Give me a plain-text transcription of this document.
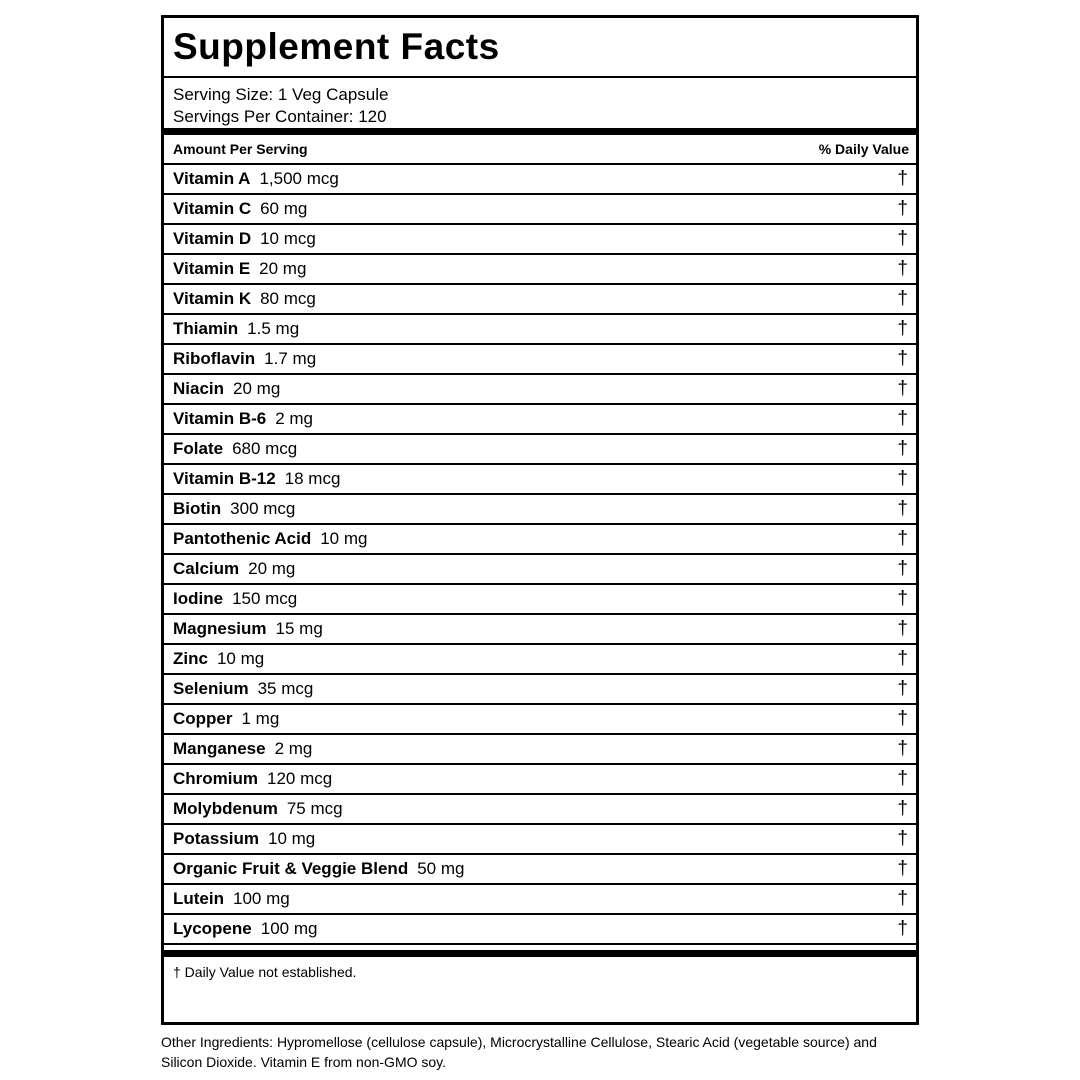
Supplement Facts
Serving Size: 1 Veg Capsule
Servings Per Container: 120
Amount Per Serving	% Daily Value
Vitamin A 1,500 mcg	†
Vitamin C 60 mg	†
Vitamin D 10 mcg	†
Vitamin E 20 mg	†
Vitamin K 80 mcg	†
Thiamin 1.5 mg	†
Riboflavin 1.7 mg	†
Niacin 20 mg	†
Vitamin B-6 2 mg	†
Folate 680 mcg	†
Vitamin B-12 18 mcg	†
Biotin 300 mcg	†
Pantothenic Acid 10 mg	†
Calcium 20 mg	†
Iodine 150 mcg	†
Magnesium 15 mg	†
Zinc 10 mg	†
Selenium 35 mcg	†
Copper 1 mg	†
Manganese 2 mg	†
Chromium 120 mcg	†
Molybdenum 75 mcg	†
Potassium 10 mg	†
Organic Fruit & Veggie Blend 50 mg	†
Lutein 100 mg	†
Lycopene 100 mg	†
† Daily Value not established.
Other Ingredients: Hypromellose (cellulose capsule), Microcrystalline Cellulose, Stearic Acid (vegetable source) and Silicon Dioxide. Vitamin E from non-GMO soy.
